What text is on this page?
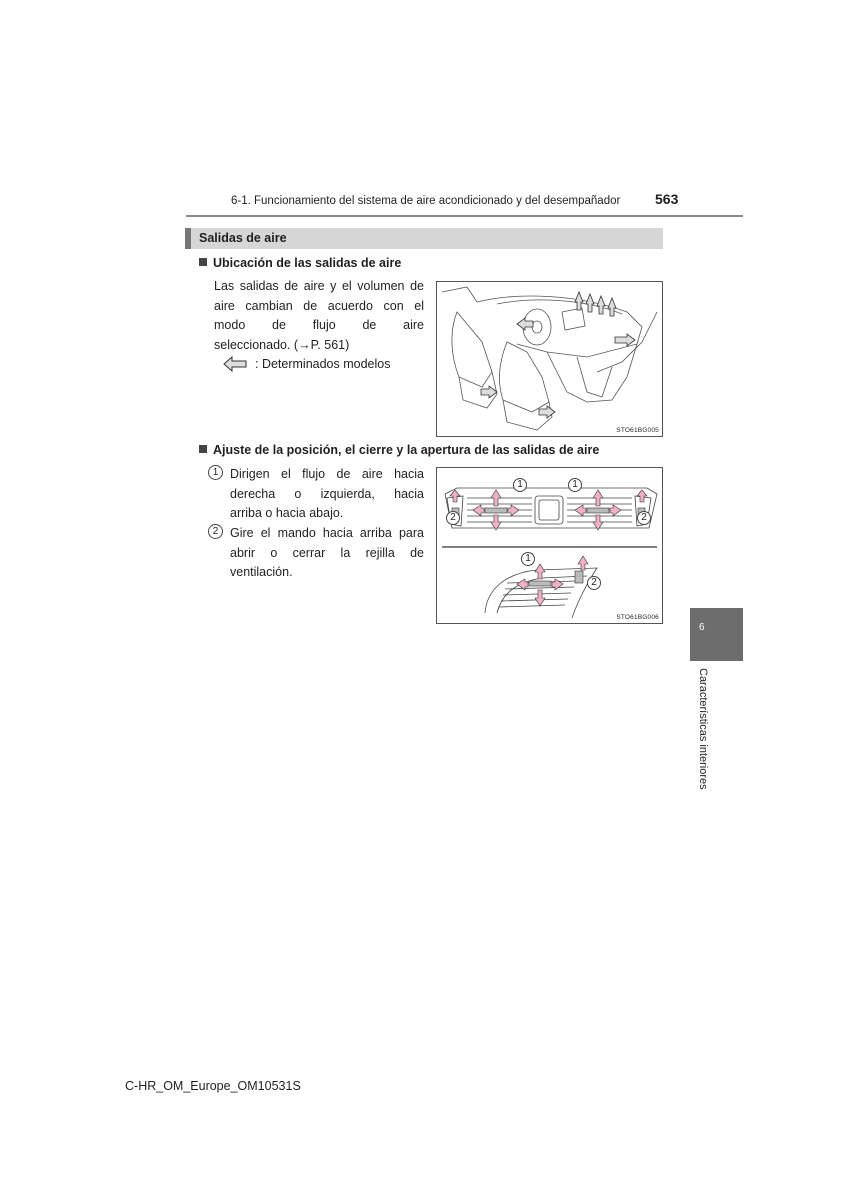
6-1. Funcionamiento del sistema de aire acondicionado y del desempañador 563
Salidas de aire
Ubicación de las salidas de aire
Las salidas de aire y el volumen de
aire cambian de acuerdo con el
modo de flujo de aire
seleccionado. (→P. 561)
: Determinados modelos
STO61BG005
Ajuste de la posición, el cierre y la apertura de las salidas de aire
1 Dirigen el flujo de aire hacia
derecha o izquierda, hacia
arriba o hacia abajo.
2 Gire el mando hacia arriba para
abrir o cerrar la rejilla de
ventilación.
1
2
1
2
1
2
STO61BG006
6
Características interiores
C-HR_OM_Europe_OM10531S
